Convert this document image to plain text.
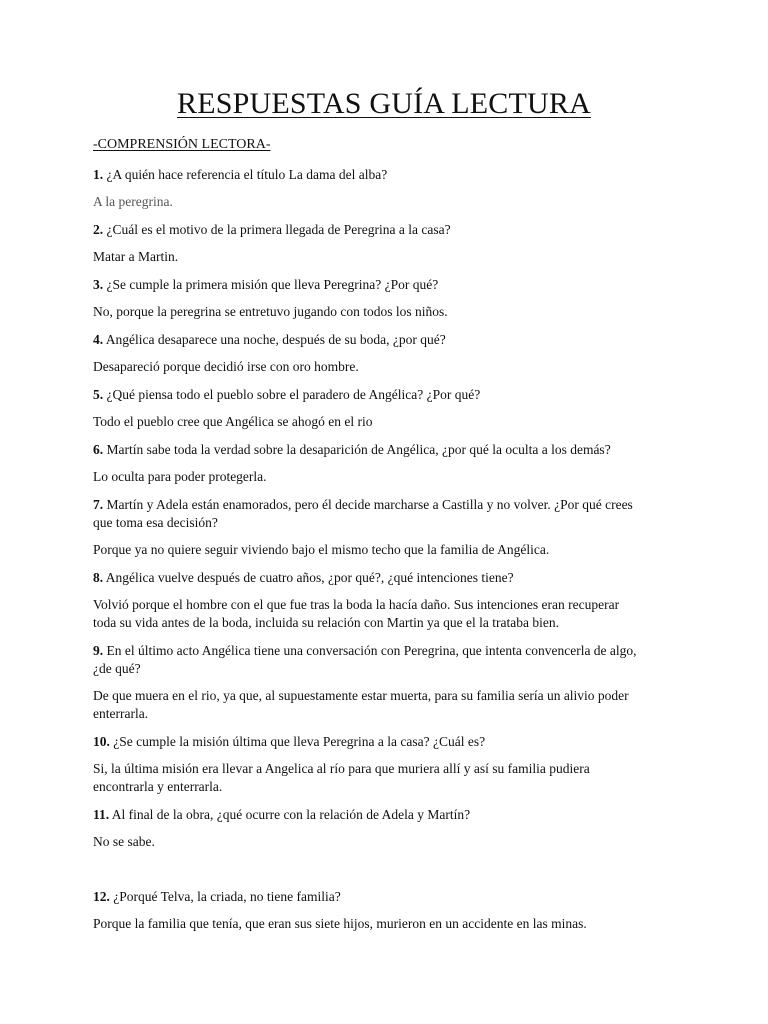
RESPUESTAS GUÍA LECTURA
-COMPRENSIÓN LECTORA-
1. ¿A quién hace referencia el título La dama del alba?
A la peregrina.
2. ¿Cuál es el motivo de la primera llegada de Peregrina a la casa?
Matar a Martin.
3. ¿Se cumple la primera misión que lleva Peregrina? ¿Por qué?
No, porque la peregrina se entretuvo jugando con todos los niños.
4. Angélica desaparece una noche, después de su boda, ¿por qué?
Desapareció porque decidió irse con oro hombre.
5. ¿Qué piensa todo el pueblo sobre el paradero de Angélica? ¿Por qué?
Todo el pueblo cree que Angélica se ahogó en el rio
6. Martín sabe toda la verdad sobre la desaparición de Angélica, ¿por qué la oculta a los demás?
Lo oculta para poder protegerla.
7. Martín y Adela están enamorados, pero él decide marcharse a Castilla y no volver. ¿Por qué crees
que toma esa decisión?
Porque ya no quiere seguir viviendo bajo el mismo techo que la familia de Angélica.
8. Angélica vuelve después de cuatro años, ¿por qué?, ¿qué intenciones tiene?
Volvió porque el hombre con el que fue tras la boda la hacía daño. Sus intenciones eran recuperar
toda su vida antes de la boda, incluida su relación con Martin ya que el la trataba bien.
9. En el último acto Angélica tiene una conversación con Peregrina, que intenta convencerla de algo,
¿de qué?
De que muera en el rio, ya que, al supuestamente estar muerta, para su familia sería un alivio poder
enterrarla.
10. ¿Se cumple la misión última que lleva Peregrina a la casa? ¿Cuál es?
Si, la última misión era llevar a Angelica al río para que muriera allí y así su familia pudiera
encontrarla y enterrarla.
11. Al final de la obra, ¿qué ocurre con la relación de Adela y Martín?
No se sabe.
12. ¿Porqué Telva, la criada, no tiene familia?
Porque la familia que tenía, que eran sus siete hijos, murieron en un accidente en las minas.
